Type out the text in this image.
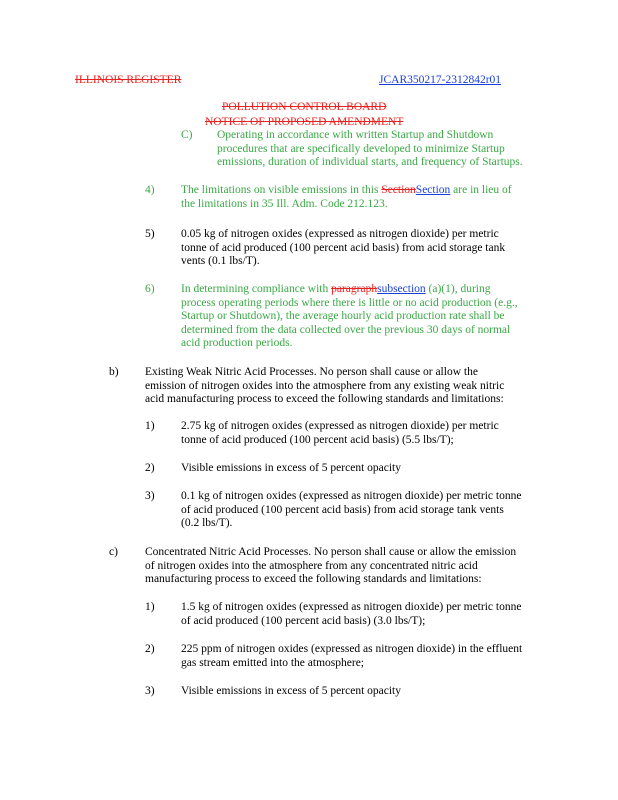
ILLINOIS REGISTER	JCAR350217-2312842r01
POLLUTION CONTROL BOARD
NOTICE OF PROPOSED AMENDMENT
C) Operating in accordance with written Startup and Shutdown
procedures that are specifically developed to minimize Startup
emissions, duration of individual starts, and frequency of Startups.
4) The limitations on visible emissions in this SectionSection are in lieu of
the limitations in 35 Ill. Adm. Code 212.123.
5) 0.05 kg of nitrogen oxides (expressed as nitrogen dioxide) per metric
tonne of acid produced (100 percent acid basis) from acid storage tank
vents (0.1 lbs/T).
6) In determining compliance with paragraphsubsection (a)(1), during
process operating periods where there is little or no acid production (e.g.,
Startup or Shutdown), the average hourly acid production rate shall be
determined from the data collected over the previous 30 days of normal
acid production periods.
b) Existing Weak Nitric Acid Processes. No person shall cause or allow the
emission of nitrogen oxides into the atmosphere from any existing weak nitric
acid manufacturing process to exceed the following standards and limitations:
1) 2.75 kg of nitrogen oxides (expressed as nitrogen dioxide) per metric
tonne of acid produced (100 percent acid basis) (5.5 lbs/T);
2) Visible emissions in excess of 5 percent opacity
3) 0.1 kg of nitrogen oxides (expressed as nitrogen dioxide) per metric tonne
of acid produced (100 percent acid basis) from acid storage tank vents
(0.2 lbs/T).
c) Concentrated Nitric Acid Processes. No person shall cause or allow the emission
of nitrogen oxides into the atmosphere from any concentrated nitric acid
manufacturing process to exceed the following standards and limitations:
1) 1.5 kg of nitrogen oxides (expressed as nitrogen dioxide) per metric tonne
of acid produced (100 percent acid basis) (3.0 lbs/T);
2) 225 ppm of nitrogen oxides (expressed as nitrogen dioxide) in the effluent
gas stream emitted into the atmosphere;
3) Visible emissions in excess of 5 percent opacity
